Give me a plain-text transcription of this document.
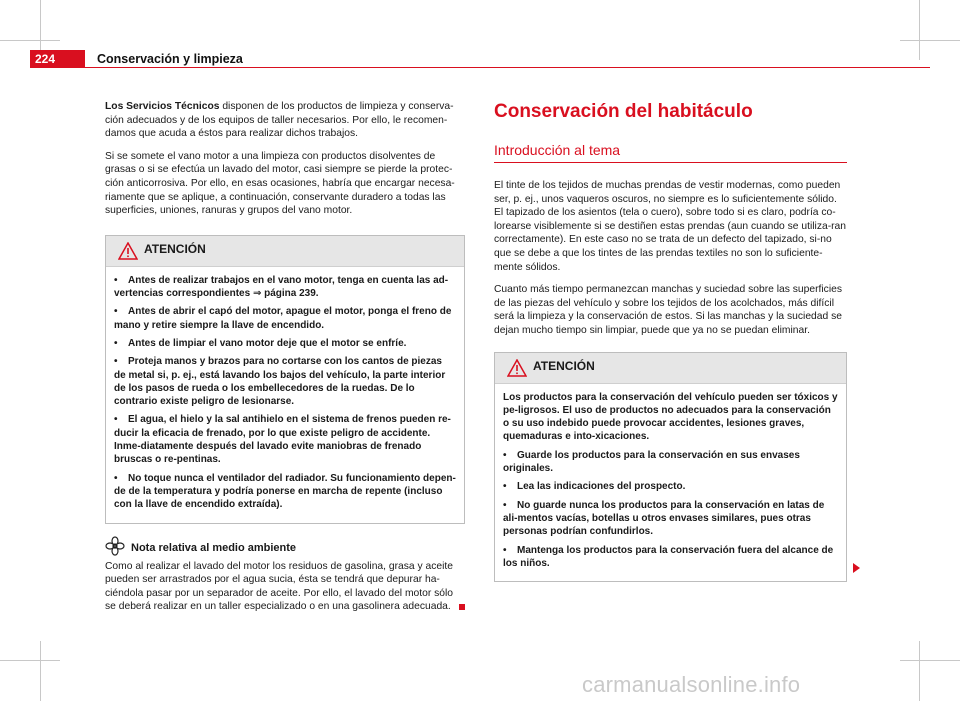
224	Conservación y limpieza

Los Servicios Técnicos disponen de los productos de limpieza y conserva-ción adecuados y de los equipos de taller necesarios. Por ello, le recomen-damos que acuda a éstos para realizar dichos trabajos.

Si se somete el vano motor a una limpieza con productos disolventes de grasas o si se efectúa un lavado del motor, casi siempre se pierde la protec-ción anticorrosiva. Por ello, en esas ocasiones, habría que encargar necesa-riamente que se aplique, a continuación, conservante duradero a todas las superficies, uniones, ranuras y grupos del vano motor.

ATENCIÓN
• Antes de realizar trabajos en el vano motor, tenga en cuenta las ad-vertencias correspondientes ⇒ página 239.
• Antes de abrir el capó del motor, apague el motor, ponga el freno de mano y retire siempre la llave de encendido.
• Antes de limpiar el vano motor deje que el motor se enfríe.
• Proteja manos y brazos para no cortarse con los cantos de piezas de metal si, p. ej., está lavando los bajos del vehículo, la parte interior de los pasos de rueda o los embellecedores de la ruedas. De lo contrario existe peligro de lesionarse.
• El agua, el hielo y la sal antihielo en el sistema de frenos pueden re-ducir la eficacia de frenado, por lo que existe peligro de accidente. Inme-diatamente después del lavado evite maniobras de frenado bruscas o re-pentinas.
• No toque nunca el ventilador del radiador. Su funcionamiento depen-de de la temperatura y podría ponerse en marcha de repente (incluso con la llave de encendido extraída).
Nota relativa al medio ambiente

Como al realizar el lavado del motor los residuos de gasolina, grasa y aceite pueden ser arrastrados por el agua sucia, ésta se tendrá que depurar ha-ciéndola pasar por un separador de aceite. Por ello, el lavado del motor sólo se deberá realizar en un taller especializado o en una gasolinera adecuada.

Conservación del habitáculo
Introducción al tema

El tinte de los tejidos de muchas prendas de vestir modernas, como pueden ser, p. ej., unos vaqueros oscuros, no siempre es lo suficientemente sólido. El tapizado de los asientos (tela o cuero), sobre todo si es claro, podría co-lorearse visiblemente si se destiñen estas prendas (aun cuando se utiliza-ran correctamente). En este caso no se trata de un defecto del tapizado, si-no que se debe a que los tintes de las prendas textiles no son lo suficiente-mente sólidos.

Cuanto más tiempo permanezcan manchas y suciedad sobre las superficies de las piezas del vehículo y sobre los tejidos de los acolchados, más difícil será la limpieza y la conservación de estos. Si las manchas y la suciedad se dejan mucho tiempo sin limpiar, puede que ya no se puedan eliminar.

ATENCIÓN
Los productos para la conservación del vehículo pueden ser tóxicos y pe-ligrosos. El uso de productos no adecuados para la conservación o su uso indebido puede provocar accidentes, lesiones graves, quemaduras e into-xicaciones.
• Guarde los productos para la conservación en sus envases originales.
• Lea las indicaciones del prospecto.
• No guarde nunca los productos para la conservación en latas de ali-mentos vacías, botellas u otros envases similares, pues otras personas podrían confundirlos.
• Mantenga los productos para la conservación fuera del alcance de los niños.
carmanualsonline.info
